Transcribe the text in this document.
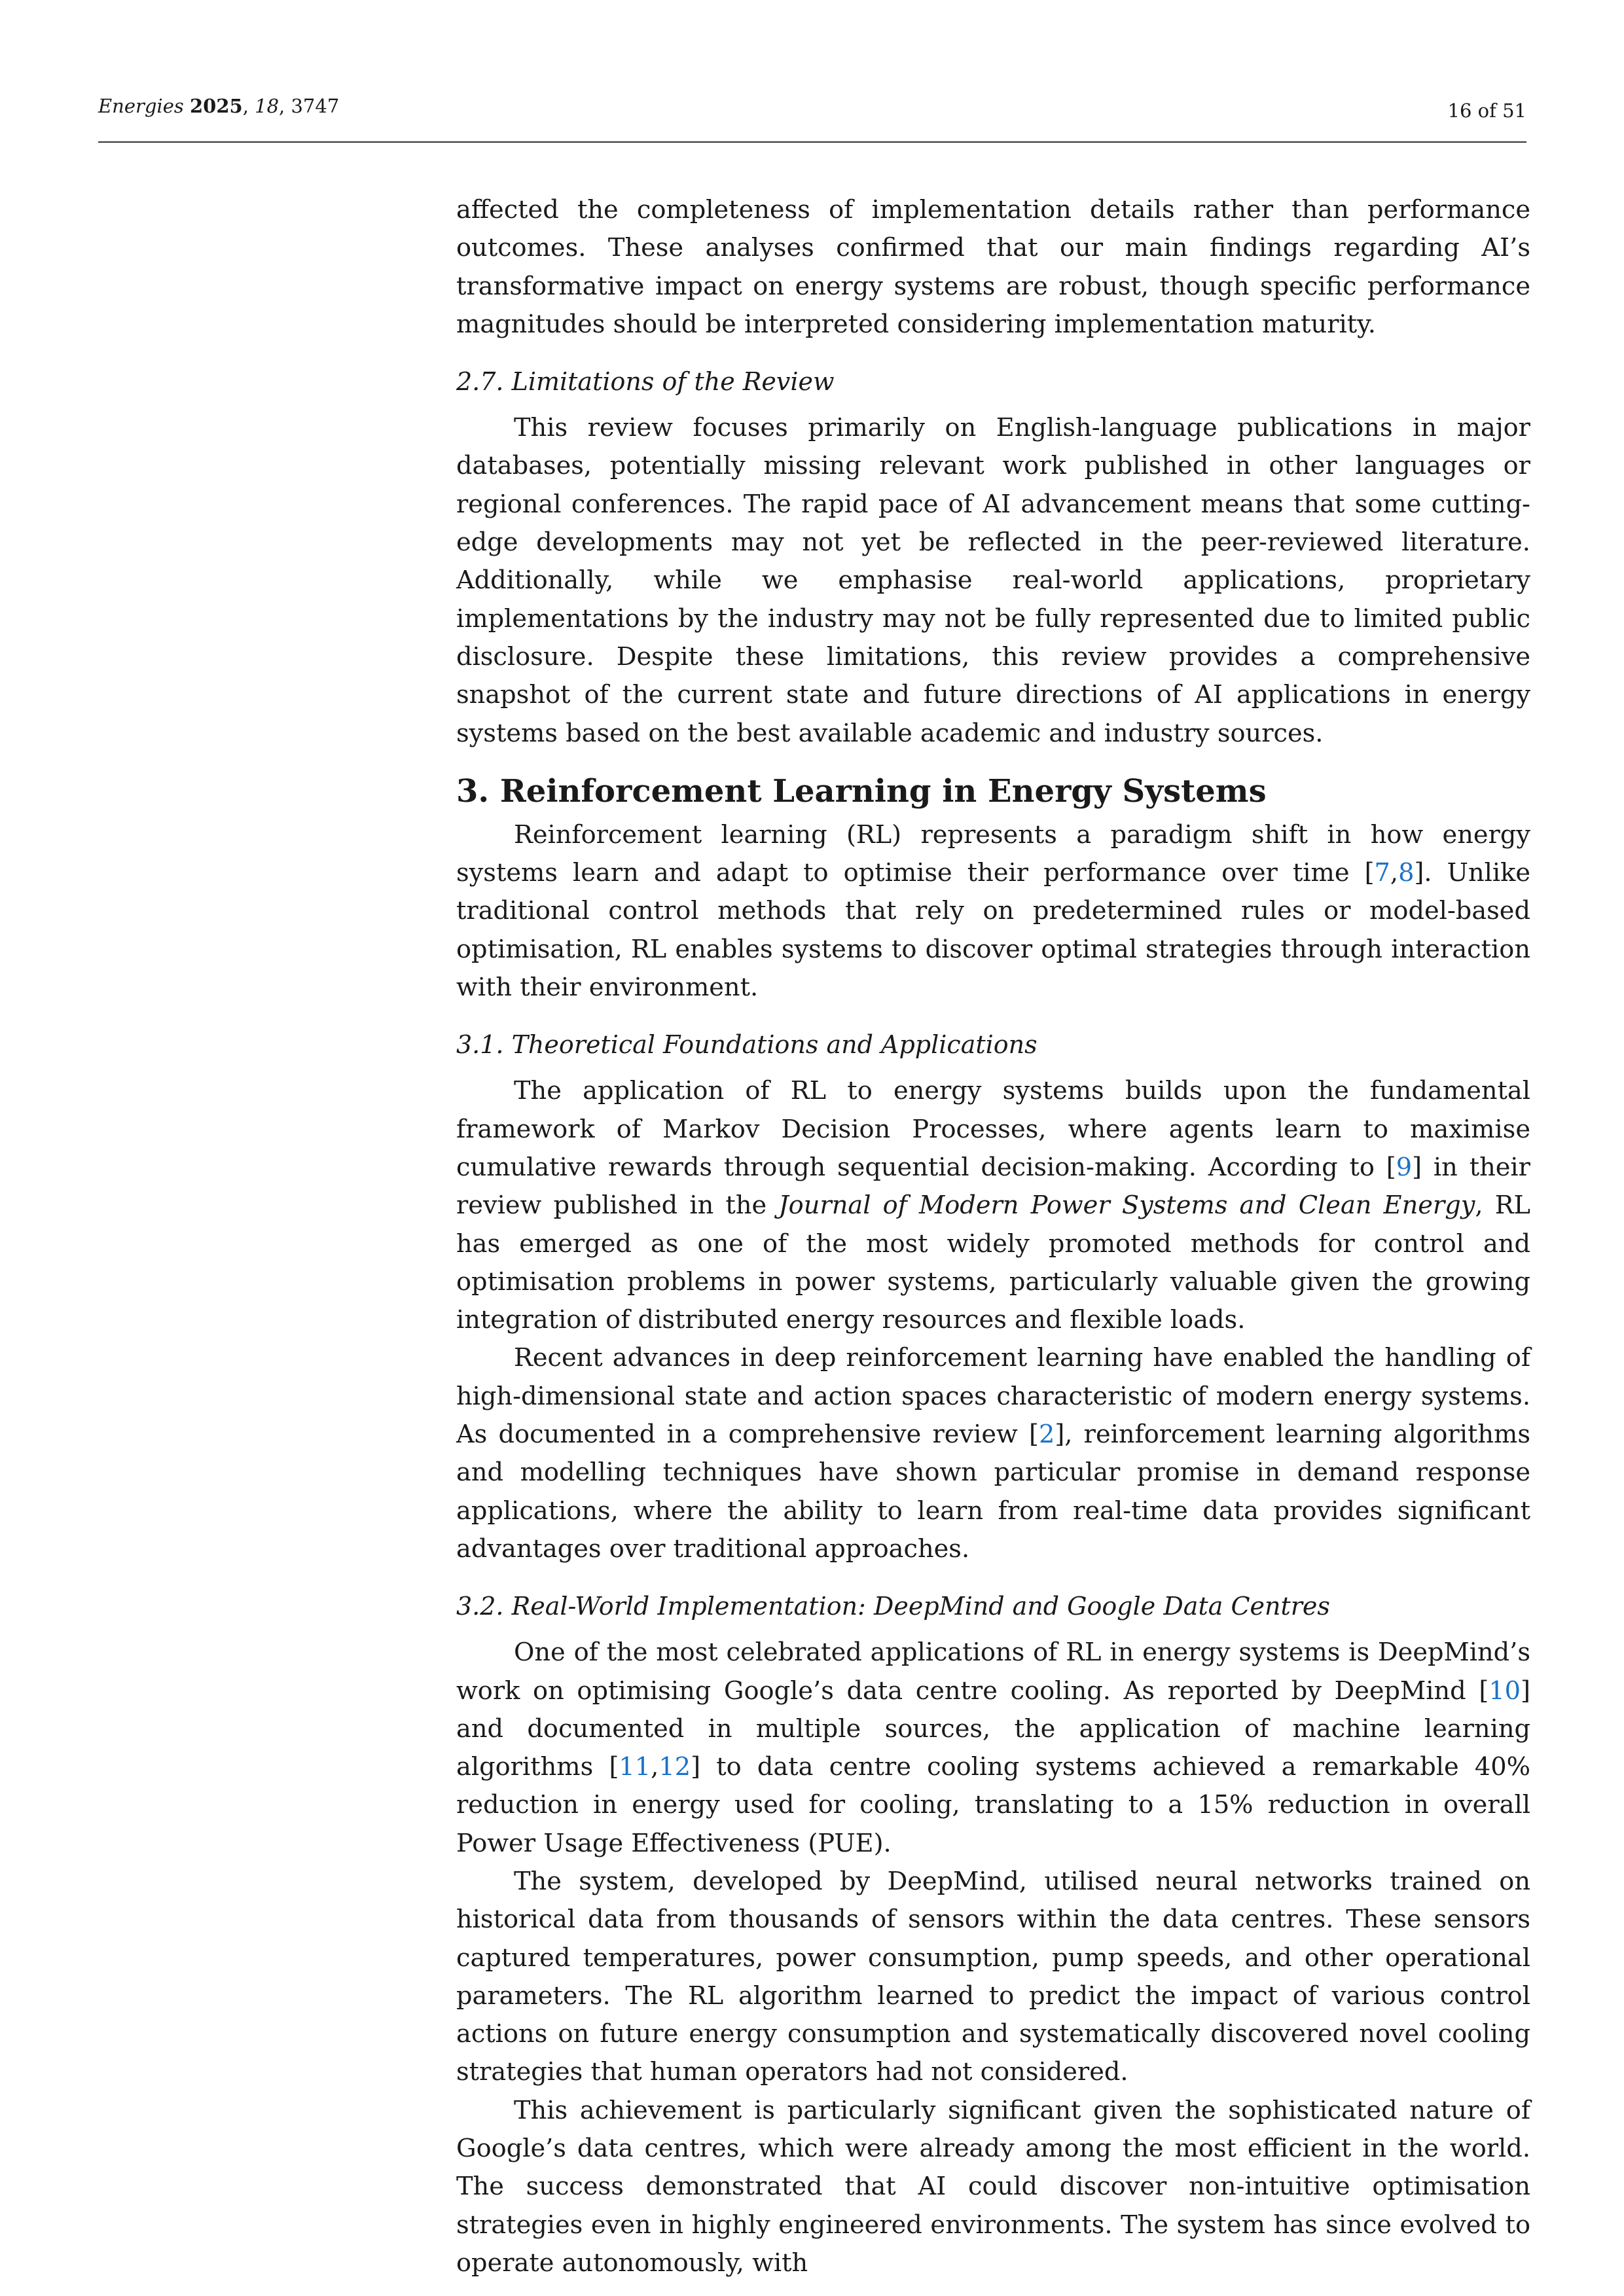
Energies 2025, 18, 3747	16 of 51

affected the completeness of implementation details rather than performance outcomes. These analyses confirmed that our main findings regarding AI’s transformative impact on energy systems are robust, though specific performance magnitudes should be interpreted considering implementation maturity.

2.7. Limitations of the Review

This review focuses primarily on English-language publications in major databases, potentially missing relevant work published in other languages or regional conferences. The rapid pace of AI advancement means that some cutting-edge developments may not yet be reflected in the peer-reviewed literature. Additionally, while we emphasise real-world applications, proprietary implementations by the industry may not be fully represented due to limited public disclosure. Despite these limitations, this review provides a comprehensive snapshot of the current state and future directions of AI applications in energy systems based on the best available academic and industry sources.

3. Reinforcement Learning in Energy Systems

Reinforcement learning (RL) represents a paradigm shift in how energy systems learn and adapt to optimise their performance over time [7,8]. Unlike traditional control methods that rely on predetermined rules or model-based optimisation, RL enables systems to discover optimal strategies through interaction with their environment.

3.1. Theoretical Foundations and Applications

The application of RL to energy systems builds upon the fundamental framework of Markov Decision Processes, where agents learn to maximise cumulative rewards through sequential decision-making. According to [9] in their review published in the Journal of Modern Power Systems and Clean Energy, RL has emerged as one of the most widely promoted methods for control and optimisation problems in power systems, particularly valuable given the growing integration of distributed energy resources and flexible loads.

Recent advances in deep reinforcement learning have enabled the handling of high-dimensional state and action spaces characteristic of modern energy systems. As documented in a comprehensive review [2], reinforcement learning algorithms and modelling techniques have shown particular promise in demand response applications, where the ability to learn from real-time data provides significant advantages over traditional approaches.

3.2. Real-World Implementation: DeepMind and Google Data Centres

One of the most celebrated applications of RL in energy systems is DeepMind’s work on optimising Google’s data centre cooling. As reported by DeepMind [10] and documented in multiple sources, the application of machine learning algorithms [11,12] to data centre cooling systems achieved a remarkable 40% reduction in energy used for cooling, translating to a 15% reduction in overall Power Usage Effectiveness (PUE).

The system, developed by DeepMind, utilised neural networks trained on historical data from thousands of sensors within the data centres. These sensors captured temperatures, power consumption, pump speeds, and other operational parameters. The RL algorithm learned to predict the impact of various control actions on future energy consumption and systematically discovered novel cooling strategies that human operators had not considered.

This achievement is particularly significant given the sophisticated nature of Google’s data centres, which were already among the most efficient in the world. The success demonstrated that AI could discover non-intuitive optimisation strategies even in highly engineered environments. The system has since evolved to operate autonomously, with
